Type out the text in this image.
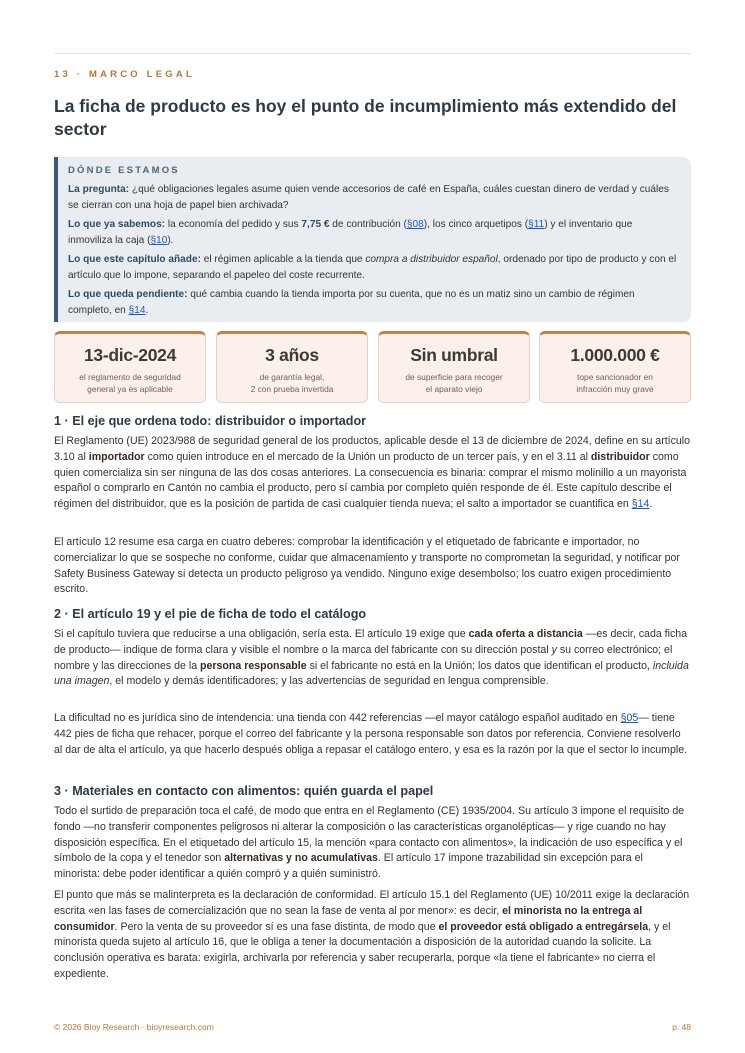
13 · MARCO LEGAL
La ficha de producto es hoy el punto de incumplimiento más extendido del sector
DÓNDE ESTAMOS

La pregunta: ¿qué obligaciones legales asume quien vende accesorios de café en España, cuáles cuestan dinero de verdad y cuáles se cierran con una hoja de papel bien archivada?

Lo que ya sabemos: la economía del pedido y sus 7,75 € de contribución (§08), los cinco arquetipos (§11) y el inventario que inmoviliza la caja (§10).

Lo que este capítulo añade: el régimen aplicable a la tienda que compra a distribuidor español, ordenado por tipo de producto y con el artículo que lo impone, separando el papeleo del coste recurrente.

Lo que queda pendiente: qué cambia cuando la tienda importa por su cuenta, que no es un matiz sino un cambio de régimen completo, en §14.

13-dic-2024
el reglamento de seguridad
general ya es aplicable
3 años
de garantía legal,
2 con prueba invertida
Sin umbral
de superficie para recoger
el aparato viejo
1.000.000 €
tope sancionador en
infracción muy grave
1 · El eje que ordena todo: distribuidor o importador

El Reglamento (UE) 2023/988 de seguridad general de los productos, aplicable desde el 13 de diciembre de 2024, define en su artículo 3.10 al importador como quien introduce en el mercado de la Unión un producto de un tercer país, y en el 3.11 al distribuidor como quien comercializa sin ser ninguna de las dos cosas anteriores. La consecuencia es binaria: comprar el mismo molinillo a un mayorista español o comprarlo en Cantón no cambia el producto, pero sí cambia por completo quién responde de él. Este capítulo describe el régimen del distribuidor, que es la posición de partida de casi cualquier tienda nueva; el salto a importador se cuantifica en §14.

El artículo 12 resume esa carga en cuatro deberes: comprobar la identificación y el etiquetado de fabricante e importador, no comercializar lo que se sospeche no conforme, cuidar que almacenamiento y transporte no comprometan la seguridad, y notificar por Safety Business Gateway si detecta un producto peligroso ya vendido. Ninguno exige desembolso; los cuatro exigen procedimiento escrito.

2 · El artículo 19 y el pie de ficha de todo el catálogo

Si el capítulo tuviera que reducirse a una obligación, sería esta. El artículo 19 exige que cada oferta a distancia —es decir, cada ficha de producto— indique de forma clara y visible el nombre o la marca del fabricante con su dirección postal y su correo electrónico; el nombre y las direcciones de la persona responsable si el fabricante no está en la Unión; los datos que identifican el producto, incluida una imagen, el modelo y demás identificadores; y las advertencias de seguridad en lengua comprensible.

La dificultad no es jurídica sino de intendencia: una tienda con 442 referencias —el mayor catálogo español auditado en §05— tiene 442 pies de ficha que rehacer, porque el correo del fabricante y la persona responsable son datos por referencia. Conviene resolverlo al dar de alta el artículo, ya que hacerlo después obliga a repasar el catálogo entero, y esa es la razón por la que el sector lo incumple.

3 · Materiales en contacto con alimentos: quién guarda el papel

Todo el surtido de preparación toca el café, de modo que entra en el Reglamento (CE) 1935/2004. Su artículo 3 impone el requisito de fondo —no transferir componentes peligrosos ni alterar la composición o las características organolépticas— y rige cuando no hay disposición específica. En el etiquetado del artículo 15, la mención «para contacto con alimentos», la indicación de uso específica y el símbolo de la copa y el tenedor son alternativas y no acumulativas. El artículo 17 impone trazabilidad sin excepción para el minorista: debe poder identificar a quién compró y a quién suministró.

El punto que más se malinterpreta es la declaración de conformidad. El artículo 15.1 del Reglamento (UE) 10/2011 exige la declaración escrita «en las fases de comercialización que no sean la fase de venta al por menor»: es decir, el minorista no la entrega al consumidor. Pero la venta de su proveedor sí es una fase distinta, de modo que el proveedor está obligado a entregársela, y el minorista queda sujeto al artículo 16, que le obliga a tener la documentación a disposición de la autoridad cuando la solicite. La conclusión operativa es barata: exigirla, archivarla por referencia y saber recuperarla, porque «la tiene el fabricante» no cierra el expediente.

© 2026 Bioy Research · bioyresearch.com	p. 48
